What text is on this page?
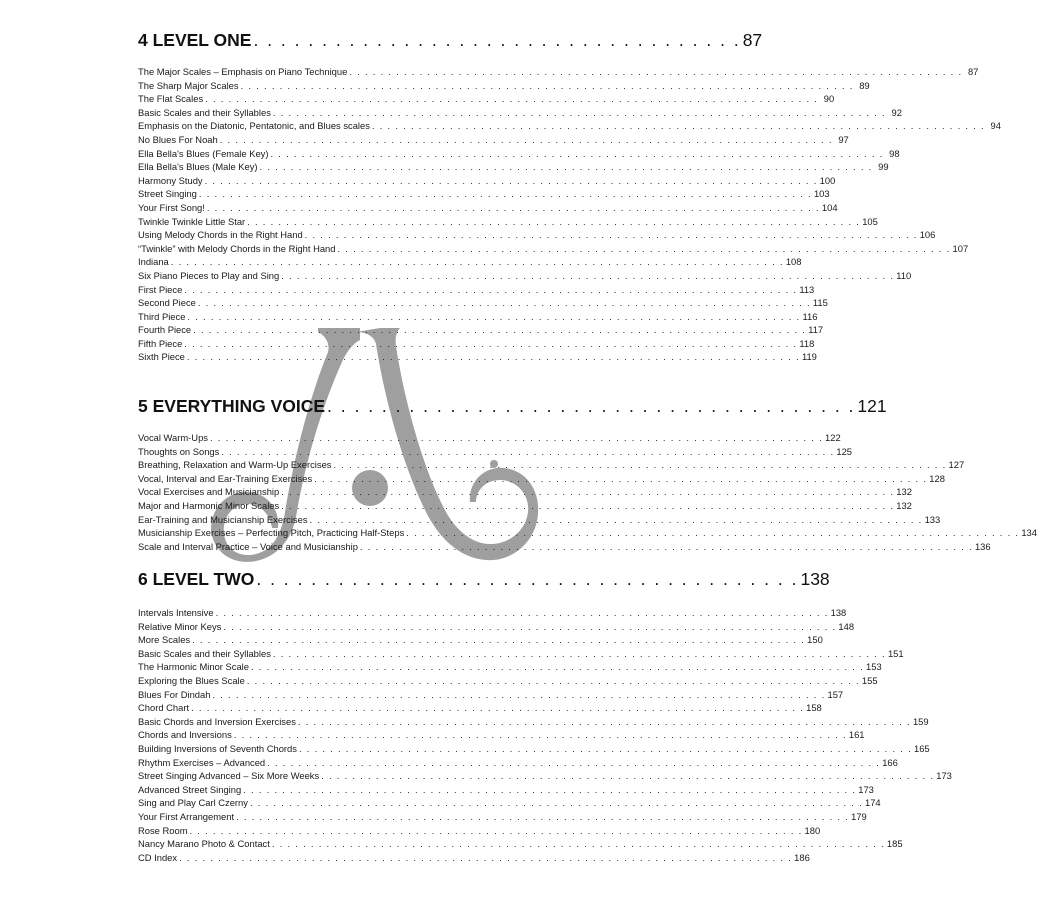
4 LEVEL ONE . . . . . . . . . . . . . . . . . . . . . . . . . . . . . . . . . . . . 87
The Major Scales – Emphasis on Piano Technique . . . . . . . . . . . . . . . . . . . . . . . . . . . . . . . . . . . . . . . . . . . . . . . . . . . . . . . . . . . . . . . . . . . . . . . . . . . . . . . 87
The Sharp Major Scales . . . . . . . . . . . . . . . . . . . . . . . . . . . . . . . . . . . . . . . . . . . . . . . . . . . . . . . . . . . . . . . . . . . . . . . . . . . . . . . 89
The Flat Scales . . . . . . . . . . . . . . . . . . . . . . . . . . . . . . . . . . . . . . . . . . . . . . . . . . . . . . . . . . . . . . . . . . . . . . . . . . . . . . . 90
Basic Scales and their Syllables . . . . . . . . . . . . . . . . . . . . . . . . . . . . . . . . . . . . . . . . . . . . . . . . . . . . . . . . . . . . . . . . . . . . . . . . . . . . . . . 92
Emphasis on the Diatonic, Pentatonic, and Blues scales . . . . . . . . . . . . . . . . . . . . . . . . . . . . . . . . . . . . . . . . . . . . . . . . . . . . . . . . . . . . . . . . . . . . . . . . . . . . . . . 94
No Blues For Noah . . . . . . . . . . . . . . . . . . . . . . . . . . . . . . . . . . . . . . . . . . . . . . . . . . . . . . . . . . . . . . . . . . . . . . . . . . . . . . . 97
Ella Bella's Blues (Female Key) . . . . . . . . . . . . . . . . . . . . . . . . . . . . . . . . . . . . . . . . . . . . . . . . . . . . . . . . . . . . . . . . . . . . . . . . . . . . . . . 98
Ella Bella's Blues (Male Key) . . . . . . . . . . . . . . . . . . . . . . . . . . . . . . . . . . . . . . . . . . . . . . . . . . . . . . . . . . . . . . . . . . . . . . . . . . . . . . . 99
Harmony Study . . . . . . . . . . . . . . . . . . . . . . . . . . . . . . . . . . . . . . . . . . . . . . . . . . . . . . . . . . . . . . . . . . . . . . . . . . . . . . . 100
Street Singing . . . . . . . . . . . . . . . . . . . . . . . . . . . . . . . . . . . . . . . . . . . . . . . . . . . . . . . . . . . . . . . . . . . . . . . . . . . . . . . 103
Your First Song! . . . . . . . . . . . . . . . . . . . . . . . . . . . . . . . . . . . . . . . . . . . . . . . . . . . . . . . . . . . . . . . . . . . . . . . . . . . . . . . 104
Twinkle Twinkle Little Star . . . . . . . . . . . . . . . . . . . . . . . . . . . . . . . . . . . . . . . . . . . . . . . . . . . . . . . . . . . . . . . . . . . . . . . . . . . . . . . 105
Using Melody Chords in the Right Hand . . . . . . . . . . . . . . . . . . . . . . . . . . . . . . . . . . . . . . . . . . . . . . . . . . . . . . . . . . . . . . . . . . . . . . . . . . . . . . . 106
“Twinkle” with Melody Chords in the Right Hand . . . . . . . . . . . . . . . . . . . . . . . . . . . . . . . . . . . . . . . . . . . . . . . . . . . . . . . . . . . . . . . . . . . . . . . . . . . . . . . 107
Indiana . . . . . . . . . . . . . . . . . . . . . . . . . . . . . . . . . . . . . . . . . . . . . . . . . . . . . . . . . . . . . . . . . . . . . . . . . . . . . . . 108
Six Piano Pieces to Play and Sing . . . . . . . . . . . . . . . . . . . . . . . . . . . . . . . . . . . . . . . . . . . . . . . . . . . . . . . . . . . . . . . . . . . . . . . . . . . . . . . 110
First Piece . . . . . . . . . . . . . . . . . . . . . . . . . . . . . . . . . . . . . . . . . . . . . . . . . . . . . . . . . . . . . . . . . . . . . . . . . . . . . . . 113
Second Piece . . . . . . . . . . . . . . . . . . . . . . . . . . . . . . . . . . . . . . . . . . . . . . . . . . . . . . . . . . . . . . . . . . . . . . . . . . . . . . . 115
Third Piece . . . . . . . . . . . . . . . . . . . . . . . . . . . . . . . . . . . . . . . . . . . . . . . . . . . . . . . . . . . . . . . . . . . . . . . . . . . . . . . 116
Fourth Piece . . . . . . . . . . . . . . . . . . . . . . . . . . . . . . . . . . . . . . . . . . . . . . . . . . . . . . . . . . . . . . . . . . . . . . . . . . . . . . . 117
Fifth Piece . . . . . . . . . . . . . . . . . . . . . . . . . . . . . . . . . . . . . . . . . . . . . . . . . . . . . . . . . . . . . . . . . . . . . . . . . . . . . . . 118
Sixth Piece . . . . . . . . . . . . . . . . . . . . . . . . . . . . . . . . . . . . . . . . . . . . . . . . . . . . . . . . . . . . . . . . . . . . . . . . . . . . . . . 119
5 EVERYTHING VOICE . . . . . . . . . . . . . . . . . . . . . . . . . . . . . . . . . . . . . . . 121
Vocal Warm-Ups . . . . . . . . . . . . . . . . . . . . . . . . . . . . . . . . . . . . . . . . . . . . . . . . . . . . . . . . . . . . . . . . . . . . . . . . . . . . . . . 122
Thoughts on Songs . . . . . . . . . . . . . . . . . . . . . . . . . . . . . . . . . . . . . . . . . . . . . . . . . . . . . . . . . . . . . . . . . . . . . . . . . . . . . . . 125
Breathing, Relaxation and Warm-Up Exercises . . . . . . . . . . . . . . . . . . . . . . . . . . . . . . . . . . . . . . . . . . . . . . . . . . . . . . . . . . . . . . . . . . . . . . . . . . . . . . . 127
Vocal, Interval and Ear-Training Exercises . . . . . . . . . . . . . . . . . . . . . . . . . . . . . . . . . . . . . . . . . . . . . . . . . . . . . . . . . . . . . . . . . . . . . . . . . . . . . . . 128
Vocal Exercises and Musicianship . . . . . . . . . . . . . . . . . . . . . . . . . . . . . . . . . . . . . . . . . . . . . . . . . . . . . . . . . . . . . . . . . . . . . . . . . . . . . . . 132
Major and Harmonic Minor Scales . . . . . . . . . . . . . . . . . . . . . . . . . . . . . . . . . . . . . . . . . . . . . . . . . . . . . . . . . . . . . . . . . . . . . . . . . . . . . . . 132
Ear-Training and Musicianship Exercises . . . . . . . . . . . . . . . . . . . . . . . . . . . . . . . . . . . . . . . . . . . . . . . . . . . . . . . . . . . . . . . . . . . . . . . . . . . . . . . 133
Musicianship Exercises – Perfecting Pitch, Practicing Half-Steps . . . . . . . . . . . . . . . . . . . . . . . . . . . . . . . . . . . . . . . . . . . . . . . . . . . . . . . . . . . . . . . . . . . . . . . . . . . . . . . 134
Scale and Interval Practice – Voice and Musicianship . . . . . . . . . . . . . . . . . . . . . . . . . . . . . . . . . . . . . . . . . . . . . . . . . . . . . . . . . . . . . . . . . . . . . . . . . . . . . . . 136
6 LEVEL TWO . . . . . . . . . . . . . . . . . . . . . . . . . . . . . . . . . . . . . . . . 138
Intervals Intensive . . . . . . . . . . . . . . . . . . . . . . . . . . . . . . . . . . . . . . . . . . . . . . . . . . . . . . . . . . . . . . . . . . . . . . . . . . . . . . . 138
Relative Minor Keys . . . . . . . . . . . . . . . . . . . . . . . . . . . . . . . . . . . . . . . . . . . . . . . . . . . . . . . . . . . . . . . . . . . . . . . . . . . . . . . 148
More Scales . . . . . . . . . . . . . . . . . . . . . . . . . . . . . . . . . . . . . . . . . . . . . . . . . . . . . . . . . . . . . . . . . . . . . . . . . . . . . . . 150
Basic Scales and their Syllables . . . . . . . . . . . . . . . . . . . . . . . . . . . . . . . . . . . . . . . . . . . . . . . . . . . . . . . . . . . . . . . . . . . . . . . . . . . . . . . 151
The Harmonic Minor Scale . . . . . . . . . . . . . . . . . . . . . . . . . . . . . . . . . . . . . . . . . . . . . . . . . . . . . . . . . . . . . . . . . . . . . . . . . . . . . . . 153
Exploring the Blues Scale . . . . . . . . . . . . . . . . . . . . . . . . . . . . . . . . . . . . . . . . . . . . . . . . . . . . . . . . . . . . . . . . . . . . . . . . . . . . . . . 155
Blues For Dindah . . . . . . . . . . . . . . . . . . . . . . . . . . . . . . . . . . . . . . . . . . . . . . . . . . . . . . . . . . . . . . . . . . . . . . . . . . . . . . . 157
Chord Chart . . . . . . . . . . . . . . . . . . . . . . . . . . . . . . . . . . . . . . . . . . . . . . . . . . . . . . . . . . . . . . . . . . . . . . . . . . . . . . . 158
Basic Chords and Inversion Exercises . . . . . . . . . . . . . . . . . . . . . . . . . . . . . . . . . . . . . . . . . . . . . . . . . . . . . . . . . . . . . . . . . . . . . . . . . . . . . . . 159
Chords and Inversions . . . . . . . . . . . . . . . . . . . . . . . . . . . . . . . . . . . . . . . . . . . . . . . . . . . . . . . . . . . . . . . . . . . . . . . . . . . . . . . 161
Building Inversions of Seventh Chords . . . . . . . . . . . . . . . . . . . . . . . . . . . . . . . . . . . . . . . . . . . . . . . . . . . . . . . . . . . . . . . . . . . . . . . . . . . . . . . 165
Rhythm Exercises – Advanced . . . . . . . . . . . . . . . . . . . . . . . . . . . . . . . . . . . . . . . . . . . . . . . . . . . . . . . . . . . . . . . . . . . . . . . . . . . . . . . 166
Street Singing Advanced – Six More Weeks . . . . . . . . . . . . . . . . . . . . . . . . . . . . . . . . . . . . . . . . . . . . . . . . . . . . . . . . . . . . . . . . . . . . . . . . . . . . . . . 173
Advanced Street Singing . . . . . . . . . . . . . . . . . . . . . . . . . . . . . . . . . . . . . . . . . . . . . . . . . . . . . . . . . . . . . . . . . . . . . . . . . . . . . . . 173
Sing and Play Carl Czerny . . . . . . . . . . . . . . . . . . . . . . . . . . . . . . . . . . . . . . . . . . . . . . . . . . . . . . . . . . . . . . . . . . . . . . . . . . . . . . . 174
Your First Arrangement . . . . . . . . . . . . . . . . . . . . . . . . . . . . . . . . . . . . . . . . . . . . . . . . . . . . . . . . . . . . . . . . . . . . . . . . . . . . . . . 179
Rose Room . . . . . . . . . . . . . . . . . . . . . . . . . . . . . . . . . . . . . . . . . . . . . . . . . . . . . . . . . . . . . . . . . . . . . . . . . . . . . . . 180
Nancy Marano Photo & Contact . . . . . . . . . . . . . . . . . . . . . . . . . . . . . . . . . . . . . . . . . . . . . . . . . . . . . . . . . . . . . . . . . . . . . . . . . . . . . . . 185
CD Index . . . . . . . . . . . . . . . . . . . . . . . . . . . . . . . . . . . . . . . . . . . . . . . . . . . . . . . . . . . . . . . . . . . . . . . . . . . . . . . 186
